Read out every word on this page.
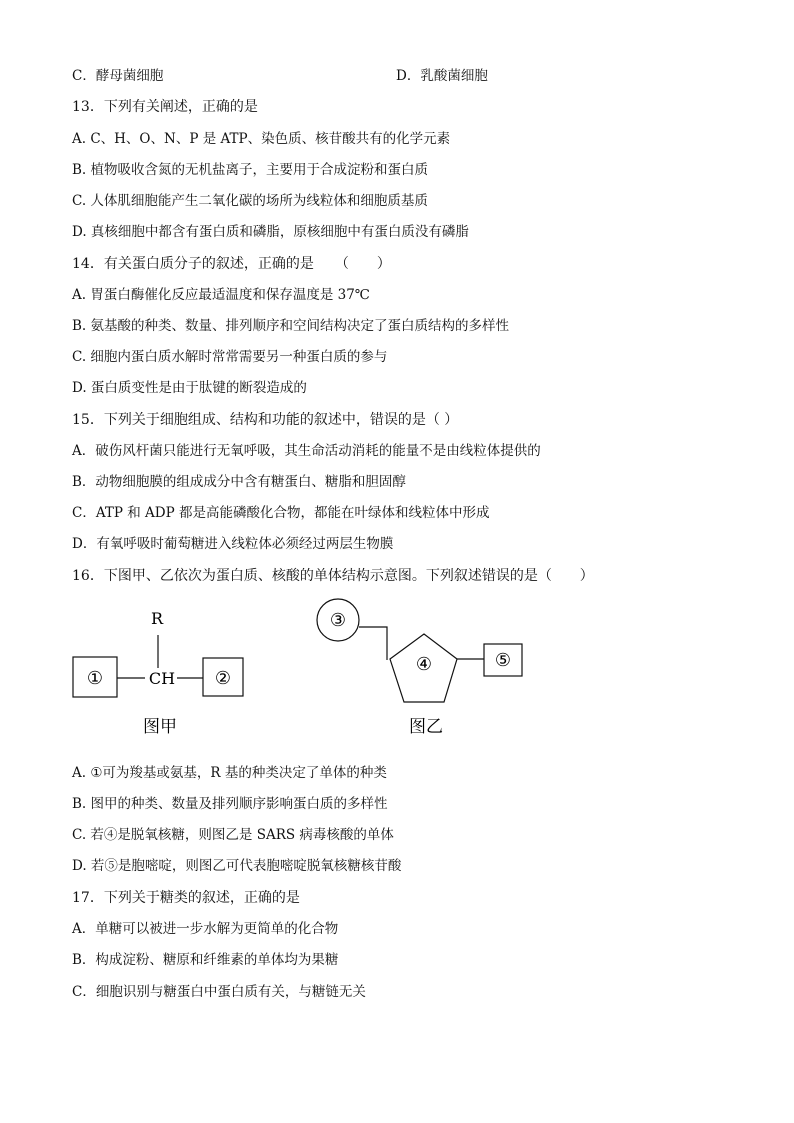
C．酵母菌细胞	D．乳酸菌细胞
13．下列有关阐述，正确的是
A. C、H、O、N、P 是 ATP、染色质、核苷酸共有的化学元素
B. 植物吸收含氮的无机盐离子，主要用于合成淀粉和蛋白质
C. 人体肌细胞能产生二氧化碳的场所为线粒体和细胞质基质
D. 真核细胞中都含有蛋白质和磷脂，原核细胞中有蛋白质没有磷脂
14．有关蛋白质分子的叙述，正确的是　　（　　）
A. 胃蛋白酶催化反应最适温度和保存温度是 37℃
B. 氨基酸的种类、数量、排列顺序和空间结构决定了蛋白质结构的多样性
C. 细胞内蛋白质水解时常常需要另一种蛋白质的参与
D. 蛋白质变性是由于肽键的断裂造成的
15．下列关于细胞组成、结构和功能的叙述中，错误的是（ ）
A．破伤风杆菌只能进行无氧呼吸，其生命活动消耗的能量不是由线粒体提供的
B．动物细胞膜的组成成分中含有糖蛋白、糖脂和胆固醇
C．ATP 和 ADP 都是高能磷酸化合物，都能在叶绿体和线粒体中形成
D．有氧呼吸时葡萄糖进入线粒体必须经过两层生物膜
16．下图甲、乙依次为蛋白质、核酸的单体结构示意图。下列叙述错误的是（　　）
R
①	CH ②
图甲
③
④	⑤
图乙
A. ①可为羧基或氨基，R 基的种类决定了单体的种类
B. 图甲的种类、数量及排列顺序影响蛋白质的多样性
C. 若④是脱氧核糖，则图乙是 SARS 病毒核酸的单体
D. 若⑤是胞嘧啶，则图乙可代表胞嘧啶脱氧核糖核苷酸
17．下列关于糖类的叙述，正确的是
A．单糖可以被进一步水解为更简单的化合物
B．构成淀粉、糖原和纤维素的单体均为果糖
C．细胞识别与糖蛋白中蛋白质有关，与糖链无关
